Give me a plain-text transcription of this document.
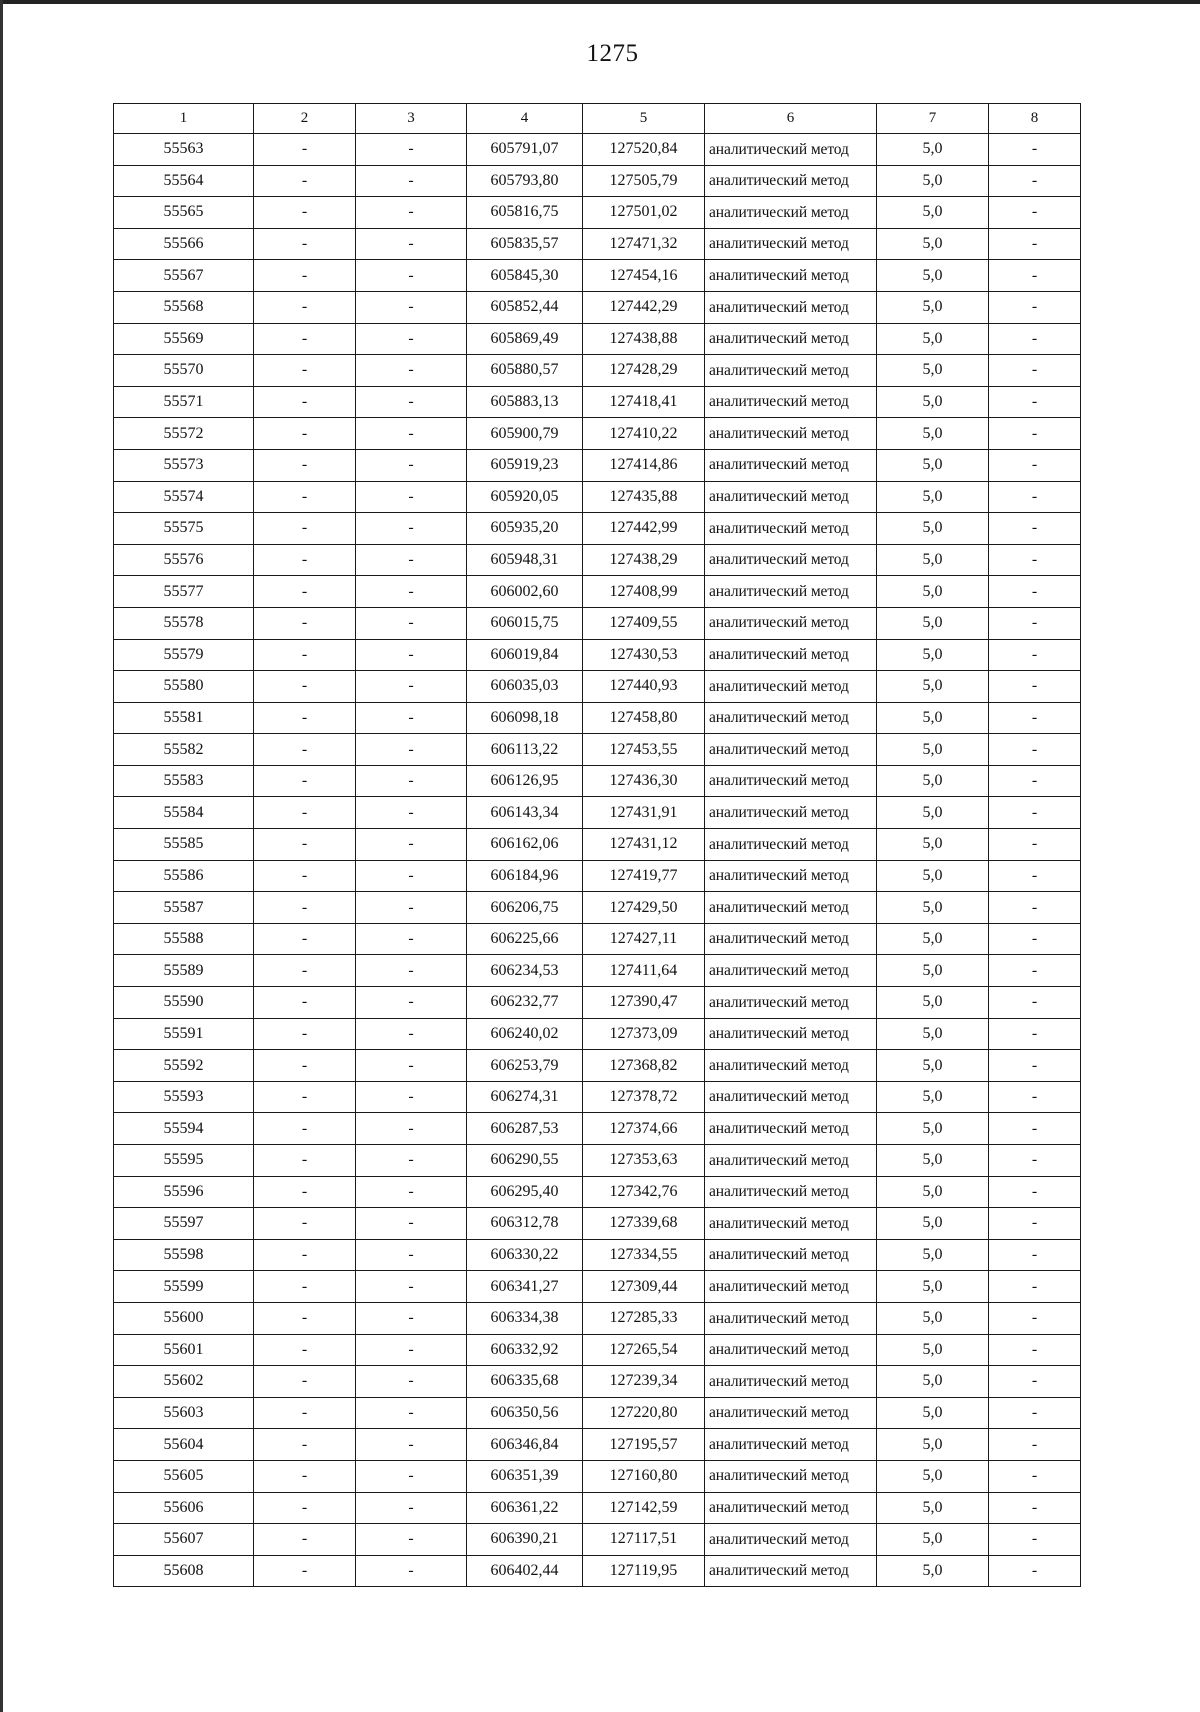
1275
1	2	3	4	5	6	7	8
55563	-	-	605791,07	127520,84	аналитический метод	5,0	-
55564	-	-	605793,80	127505,79	аналитический метод	5,0	-
55565	-	-	605816,75	127501,02	аналитический метод	5,0	-
55566	-	-	605835,57	127471,32	аналитический метод	5,0	-
55567	-	-	605845,30	127454,16	аналитический метод	5,0	-
55568	-	-	605852,44	127442,29	аналитический метод	5,0	-
55569	-	-	605869,49	127438,88	аналитический метод	5,0	-
55570	-	-	605880,57	127428,29	аналитический метод	5,0	-
55571	-	-	605883,13	127418,41	аналитический метод	5,0	-
55572	-	-	605900,79	127410,22	аналитический метод	5,0	-
55573	-	-	605919,23	127414,86	аналитический метод	5,0	-
55574	-	-	605920,05	127435,88	аналитический метод	5,0	-
55575	-	-	605935,20	127442,99	аналитический метод	5,0	-
55576	-	-	605948,31	127438,29	аналитический метод	5,0	-
55577	-	-	606002,60	127408,99	аналитический метод	5,0	-
55578	-	-	606015,75	127409,55	аналитический метод	5,0	-
55579	-	-	606019,84	127430,53	аналитический метод	5,0	-
55580	-	-	606035,03	127440,93	аналитический метод	5,0	-
55581	-	-	606098,18	127458,80	аналитический метод	5,0	-
55582	-	-	606113,22	127453,55	аналитический метод	5,0	-
55583	-	-	606126,95	127436,30	аналитический метод	5,0	-
55584	-	-	606143,34	127431,91	аналитический метод	5,0	-
55585	-	-	606162,06	127431,12	аналитический метод	5,0	-
55586	-	-	606184,96	127419,77	аналитический метод	5,0	-
55587	-	-	606206,75	127429,50	аналитический метод	5,0	-
55588	-	-	606225,66	127427,11	аналитический метод	5,0	-
55589	-	-	606234,53	127411,64	аналитический метод	5,0	-
55590	-	-	606232,77	127390,47	аналитический метод	5,0	-
55591	-	-	606240,02	127373,09	аналитический метод	5,0	-
55592	-	-	606253,79	127368,82	аналитический метод	5,0	-
55593	-	-	606274,31	127378,72	аналитический метод	5,0	-
55594	-	-	606287,53	127374,66	аналитический метод	5,0	-
55595	-	-	606290,55	127353,63	аналитический метод	5,0	-
55596	-	-	606295,40	127342,76	аналитический метод	5,0	-
55597	-	-	606312,78	127339,68	аналитический метод	5,0	-
55598	-	-	606330,22	127334,55	аналитический метод	5,0	-
55599	-	-	606341,27	127309,44	аналитический метод	5,0	-
55600	-	-	606334,38	127285,33	аналитический метод	5,0	-
55601	-	-	606332,92	127265,54	аналитический метод	5,0	-
55602	-	-	606335,68	127239,34	аналитический метод	5,0	-
55603	-	-	606350,56	127220,80	аналитический метод	5,0	-
55604	-	-	606346,84	127195,57	аналитический метод	5,0	-
55605	-	-	606351,39	127160,80	аналитический метод	5,0	-
55606	-	-	606361,22	127142,59	аналитический метод	5,0	-
55607	-	-	606390,21	127117,51	аналитический метод	5,0	-
55608	-	-	606402,44	127119,95	аналитический метод	5,0	-
